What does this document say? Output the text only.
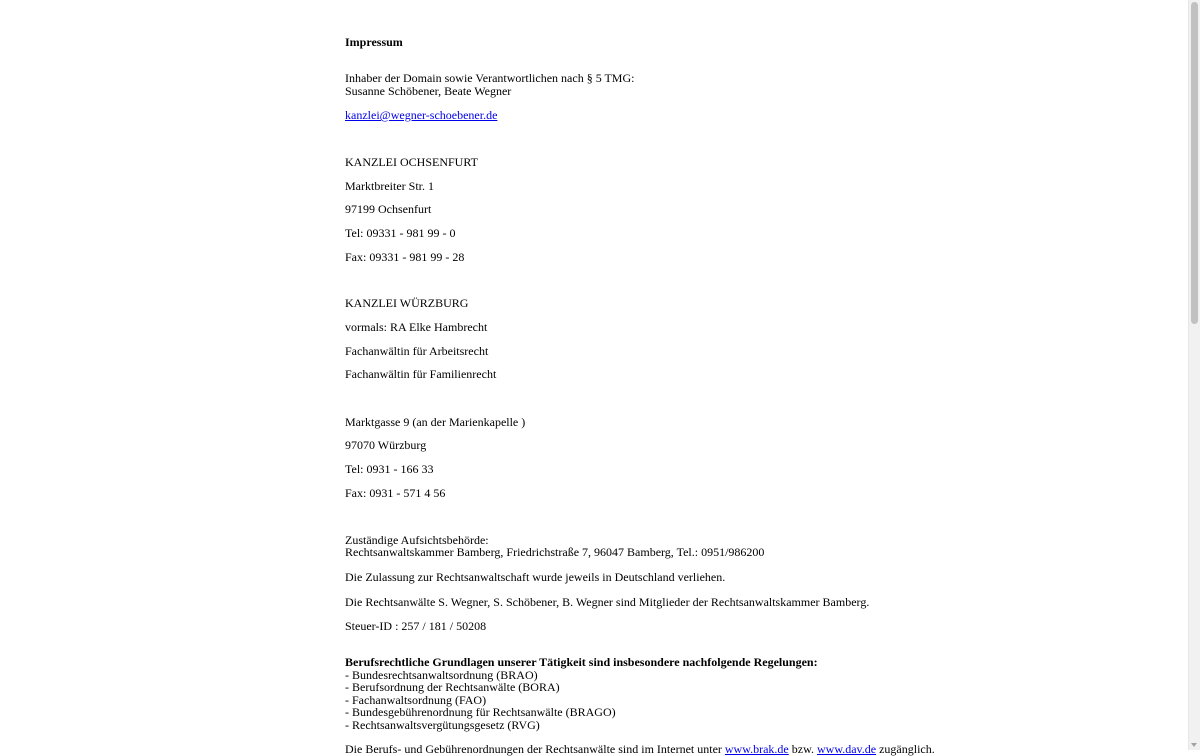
Impressum
Inhaber der Domain sowie Verantwortlichen nach § 5 TMG:
Susanne Schöbener, Beate Wegner
kanzlei@wegner-schoebener.de
KANZLEI OCHSENFURT
Marktbreiter Str. 1
97199 Ochsenfurt
Tel: 09331 - 981 99 - 0
Fax: 09331 - 981 99 - 28
KANZLEI WÜRZBURG
vormals: RA Elke Hambrecht
Fachanwältin für Arbeitsrecht
Fachanwältin für Familienrecht
Marktgasse 9 (an der Marienkapelle )
97070 Würzburg
Tel: 0931 - 166 33
Fax: 0931 - 571 4 56
Zuständige Aufsichtsbehörde:
Rechtsanwaltskammer Bamberg, Friedrichstraße 7, 96047 Bamberg, Tel.: 0951/986200
Die Zulassung zur Rechtsanwaltschaft wurde jeweils in Deutschland verliehen.
Die Rechtsanwälte S. Wegner, S. Schöbener, B. Wegner sind Mitglieder der Rechtsanwaltskammer Bamberg.
Steuer-ID : 257 / 181 / 50208
Berufsrechtliche Grundlagen unserer Tätigkeit sind insbesondere nachfolgende Regelungen:
- Bundesrechtsanwaltsordnung (BRAO)
- Berufsordnung der Rechtsanwälte (BORA)
- Fachanwaltsordnung (FAO)
- Bundesgebührenordnung für Rechtsanwälte (BRAGO)
- Rechtsanwaltsvergütungsgesetz (RVG)
Die Berufs- und Gebührenordnungen der Rechtsanwälte sind im Internet unter www.brak.de bzw. www.dav.de zugänglich.
